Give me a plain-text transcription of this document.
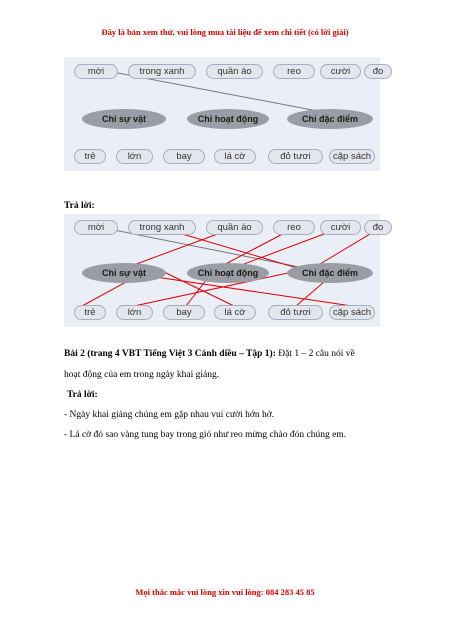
Đây là bản xem thử, vui lòng mua tài liệu để xem chi tiết (có lời giải)
mời	trong xanh	quần áo	reo	cười	đo
Chỉ sự vật	Chỉ hoạt động	Chỉ đặc điểm
trẻ	lớn	bay	lá cờ	đỏ tươi	cặp sách
Trả lời:
mời	trong xanh	quần áo	reo	cười	đo
Chỉ sự vật	Chỉ hoạt động	Chỉ đặc điểm
trẻ	lớn	bay	lá cờ	đỏ tươi	cặp sách
Bài 2 (trang 4 VBT Tiếng Việt 3 Cánh diều – Tập 1): Đặt 1 – 2 câu nói về
hoạt động của em trong ngày khai giảng.
Trả lời:
- Ngày khai giảng chúng em gặp nhau vui cười hớn hở.
- Lá cờ đỏ sao vàng tung bay trong gió như reo mừng chào đón chúng em.
Mọi thắc mắc vui lòng xin vui lòng: 084 283 45 85
